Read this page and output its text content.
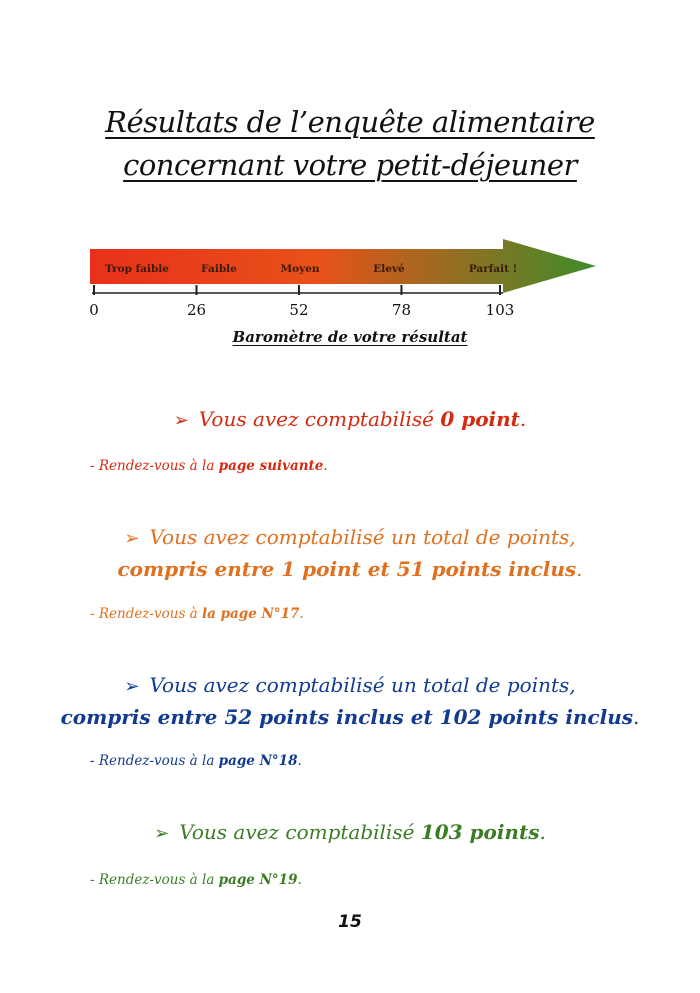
Résultats de l’enquête alimentaire
concernant votre petit-déjeuner
Trop faible	Faible	Moyen	Elevé	Parfait !
0	26	52	78	103
Baromètre de votre résultat
➢ Vous avez comptabilisé 0 point.
- Rendez-vous à la page suivante.
➢ Vous avez comptabilisé un total de points,
compris entre 1 point et 51 points inclus.
- Rendez-vous à la page N°17.
➢ Vous avez comptabilisé un total de points,
compris entre 52 points inclus et 102 points inclus.
- Rendez-vous à la page N°18.
➢ Vous avez comptabilisé 103 points.
- Rendez-vous à la page N°19.
15
